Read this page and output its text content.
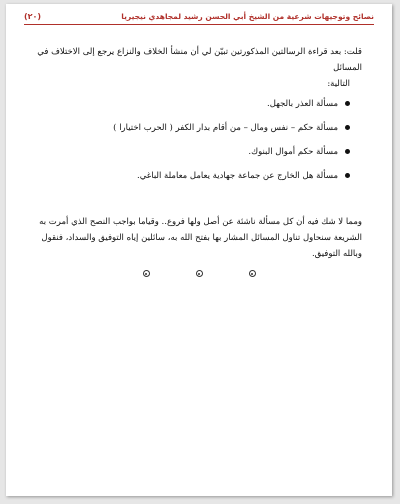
نصائح وتوجيهات شرعية من الشيخ أبي الحسن رشيد لمجاهدي نيجيريا
(٢٠)

قلت: بعد قراءة الرسالتين المذكورتين تبيّن لي أن منشأ الخلاف والنزاع يرجع إلى الاختلاف في المسائل

التالية:

مسألة العذر بالجهل.
مسألة حكم – نفس ومال – من أقام بدار الكفر ( الحرب اختيارا )
مسألة حكم أموال البنوك.
مسألة هل الخارج عن جماعة جهادية يعامل معاملة الباغي.

ومما لا شك فيه أن كل مسألة ناشئة عن أصل ولها فروع.. وقياما بواجب النصح الذي أمرت به الشريعة سنحاول تناول المسائل المشار بها بفتح الله به، سائلين إياه التوفيق والسداد، فنقول وبالله التوفيق.
